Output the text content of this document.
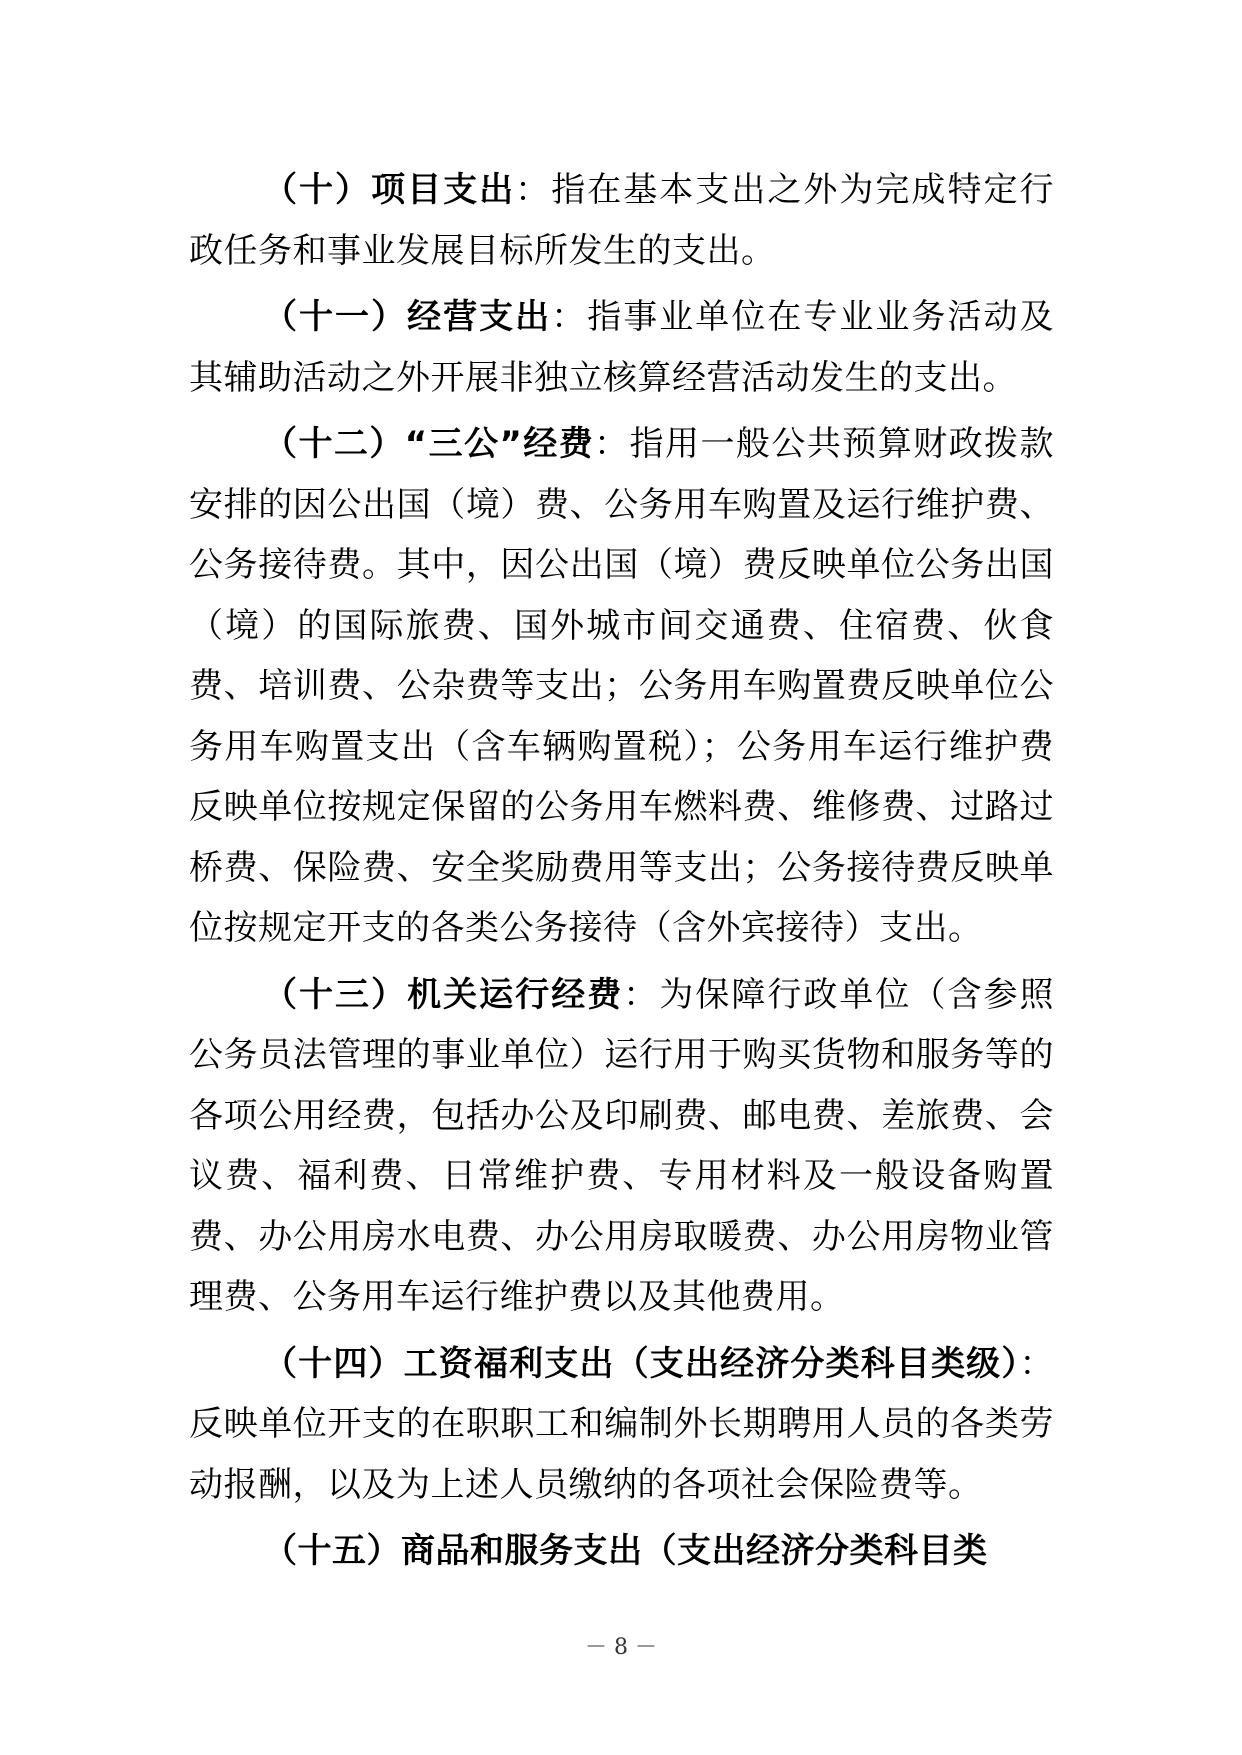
（十）项目支出：指在基本支出之外为完成特定行政任务和事业发展目标所发生的支出。

（十一）经营支出：指事业单位在专业业务活动及其辅助活动之外开展非独立核算经营活动发生的支出。

（十二）“三公”经费：指用一般公共预算财政拨款安排的因公出国（境）费、公务用车购置及运行维护费、公务接待费。其中，因公出国（境）费反映单位公务出国（境）的国际旅费、国外城市间交通费、住宿费、伙食费、培训费、公杂费等支出；公务用车购置费反映单位公务用车购置支出（含车辆购置税）；公务用车运行维护费反映单位按规定保留的公务用车燃料费、维修费、过路过桥费、保险费、安全奖励费用等支出；公务接待费反映单位按规定开支的各类公务接待（含外宾接待）支出。

（十三）机关运行经费：为保障行政单位（含参照公务员法管理的事业单位）运行用于购买货物和服务等的各项公用经费，包括办公及印刷费、邮电费、差旅费、会议费、福利费、日常维护费、专用材料及一般设备购置费、办公用房水电费、办公用房取暖费、办公用房物业管理费、公务用车运行维护费以及其他费用。

（十四）工资福利支出（支出经济分类科目类级）：反映单位开支的在职职工和编制外长期聘用人员的各类劳动报酬，以及为上述人员缴纳的各项社会保险费等。

（十五）商品和服务支出（支出经济分类科目类

－ 8 －
